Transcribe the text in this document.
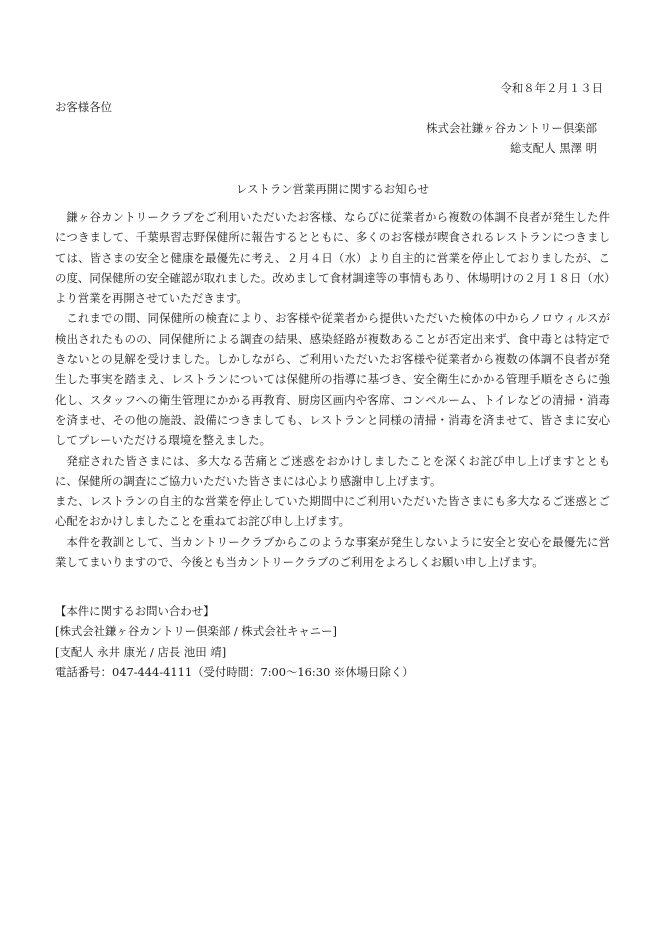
令和８年２月１３日
お客様各位
株式会社鎌ヶ谷カントリー倶楽部
総支配人 黒澤 明
レストラン営業再開に関するお知らせ

鎌ヶ谷カントリークラブをご利用いただいたお客様、ならびに従業者から複数の体調不良者が発生した件につきまして、千葉県習志野保健所に報告するとともに、多くのお客様が喫食されるレストランにつきましては、皆さまの安全と健康を最優先に考え、２月４日（水）より自主的に営業を停止しておりましたが、この度、同保健所の安全確認が取れました。改めまして食材調達等の事情もあり、休場明けの２月１８日（水）より営業を再開させていただきます。

これまでの間、同保健所の検査により、お客様や従業者から提供いただいた検体の中からノロウィルスが検出されたものの、同保健所による調査の結果、感染経路が複数あることが否定出来ず、食中毒とは特定できないとの見解を受けました。しかしながら、ご利用いただいたお客様や従業者から複数の体調不良者が発生した事実を踏まえ、レストランについては保健所の指導に基づき、安全衛生にかかる管理手順をさらに強化し、スタッフへの衛生管理にかかる再教育、厨房区画内や客席、コンペルーム、トイレなどの清掃・消毒を済ませ、その他の施設、設備につきましても、レストランと同様の清掃・消毒を済ませて、皆さまに安心してプレーいただける環境を整えました。

発症された皆さまには、多大なる苦痛とご迷惑をおかけしましたことを深くお詫び申し上げますとともに、保健所の調査にご協力いただいた皆さまには心より感謝申し上げます。

また、レストランの自主的な営業を停止していた期間中にご利用いただいた皆さまにも多大なるご迷惑とご心配をおかけしましたことを重ねてお詫び申し上げます。

本件を教訓として、当カントリークラブからこのような事案が発生しないように安全と安心を最優先に営業してまいりますので、今後とも当カントリークラブのご利用をよろしくお願い申し上げます。

【本件に関するお問い合わせ】
[株式会社鎌ヶ谷カントリー倶楽部 / 株式会社キャニー]
[支配人 永井 康光 / 店長 池田 靖]
電話番号：047-444-4111（受付時間：7:00～16:30 ※休場日除く）
